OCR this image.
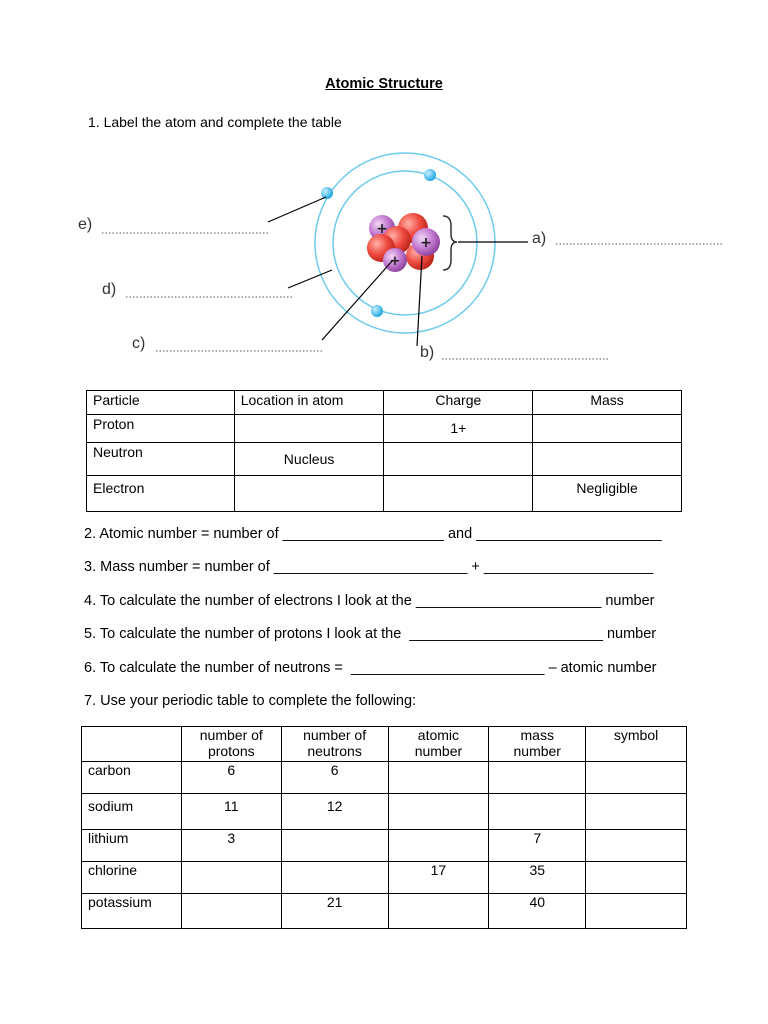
Atomic Structure
1. Label the atom and complete the table
+
+
+
e)
d)
c)
b)
a)
Particle	Location in atom	Charge	Mass
Proton		1+	
Neutron	Nucleus		
Electron			Negligible
2. Atomic number = number of ____________________ and _______________________
3. Mass number = number of ________________________ + _____________________
4. To calculate the number of electrons I look at the _______________________ number
5. To calculate the number of protons I look at the  ________________________ number
6. To calculate the number of neutrons =  ________________________ – atomic number
7. Use your periodic table to complete the following:
	number of protons	number of neutrons	atomic number	mass number	symbol
carbon	6	6			
sodium	11	12			
lithium	3			7	
chlorine			17	35	
potassium		21		40	
